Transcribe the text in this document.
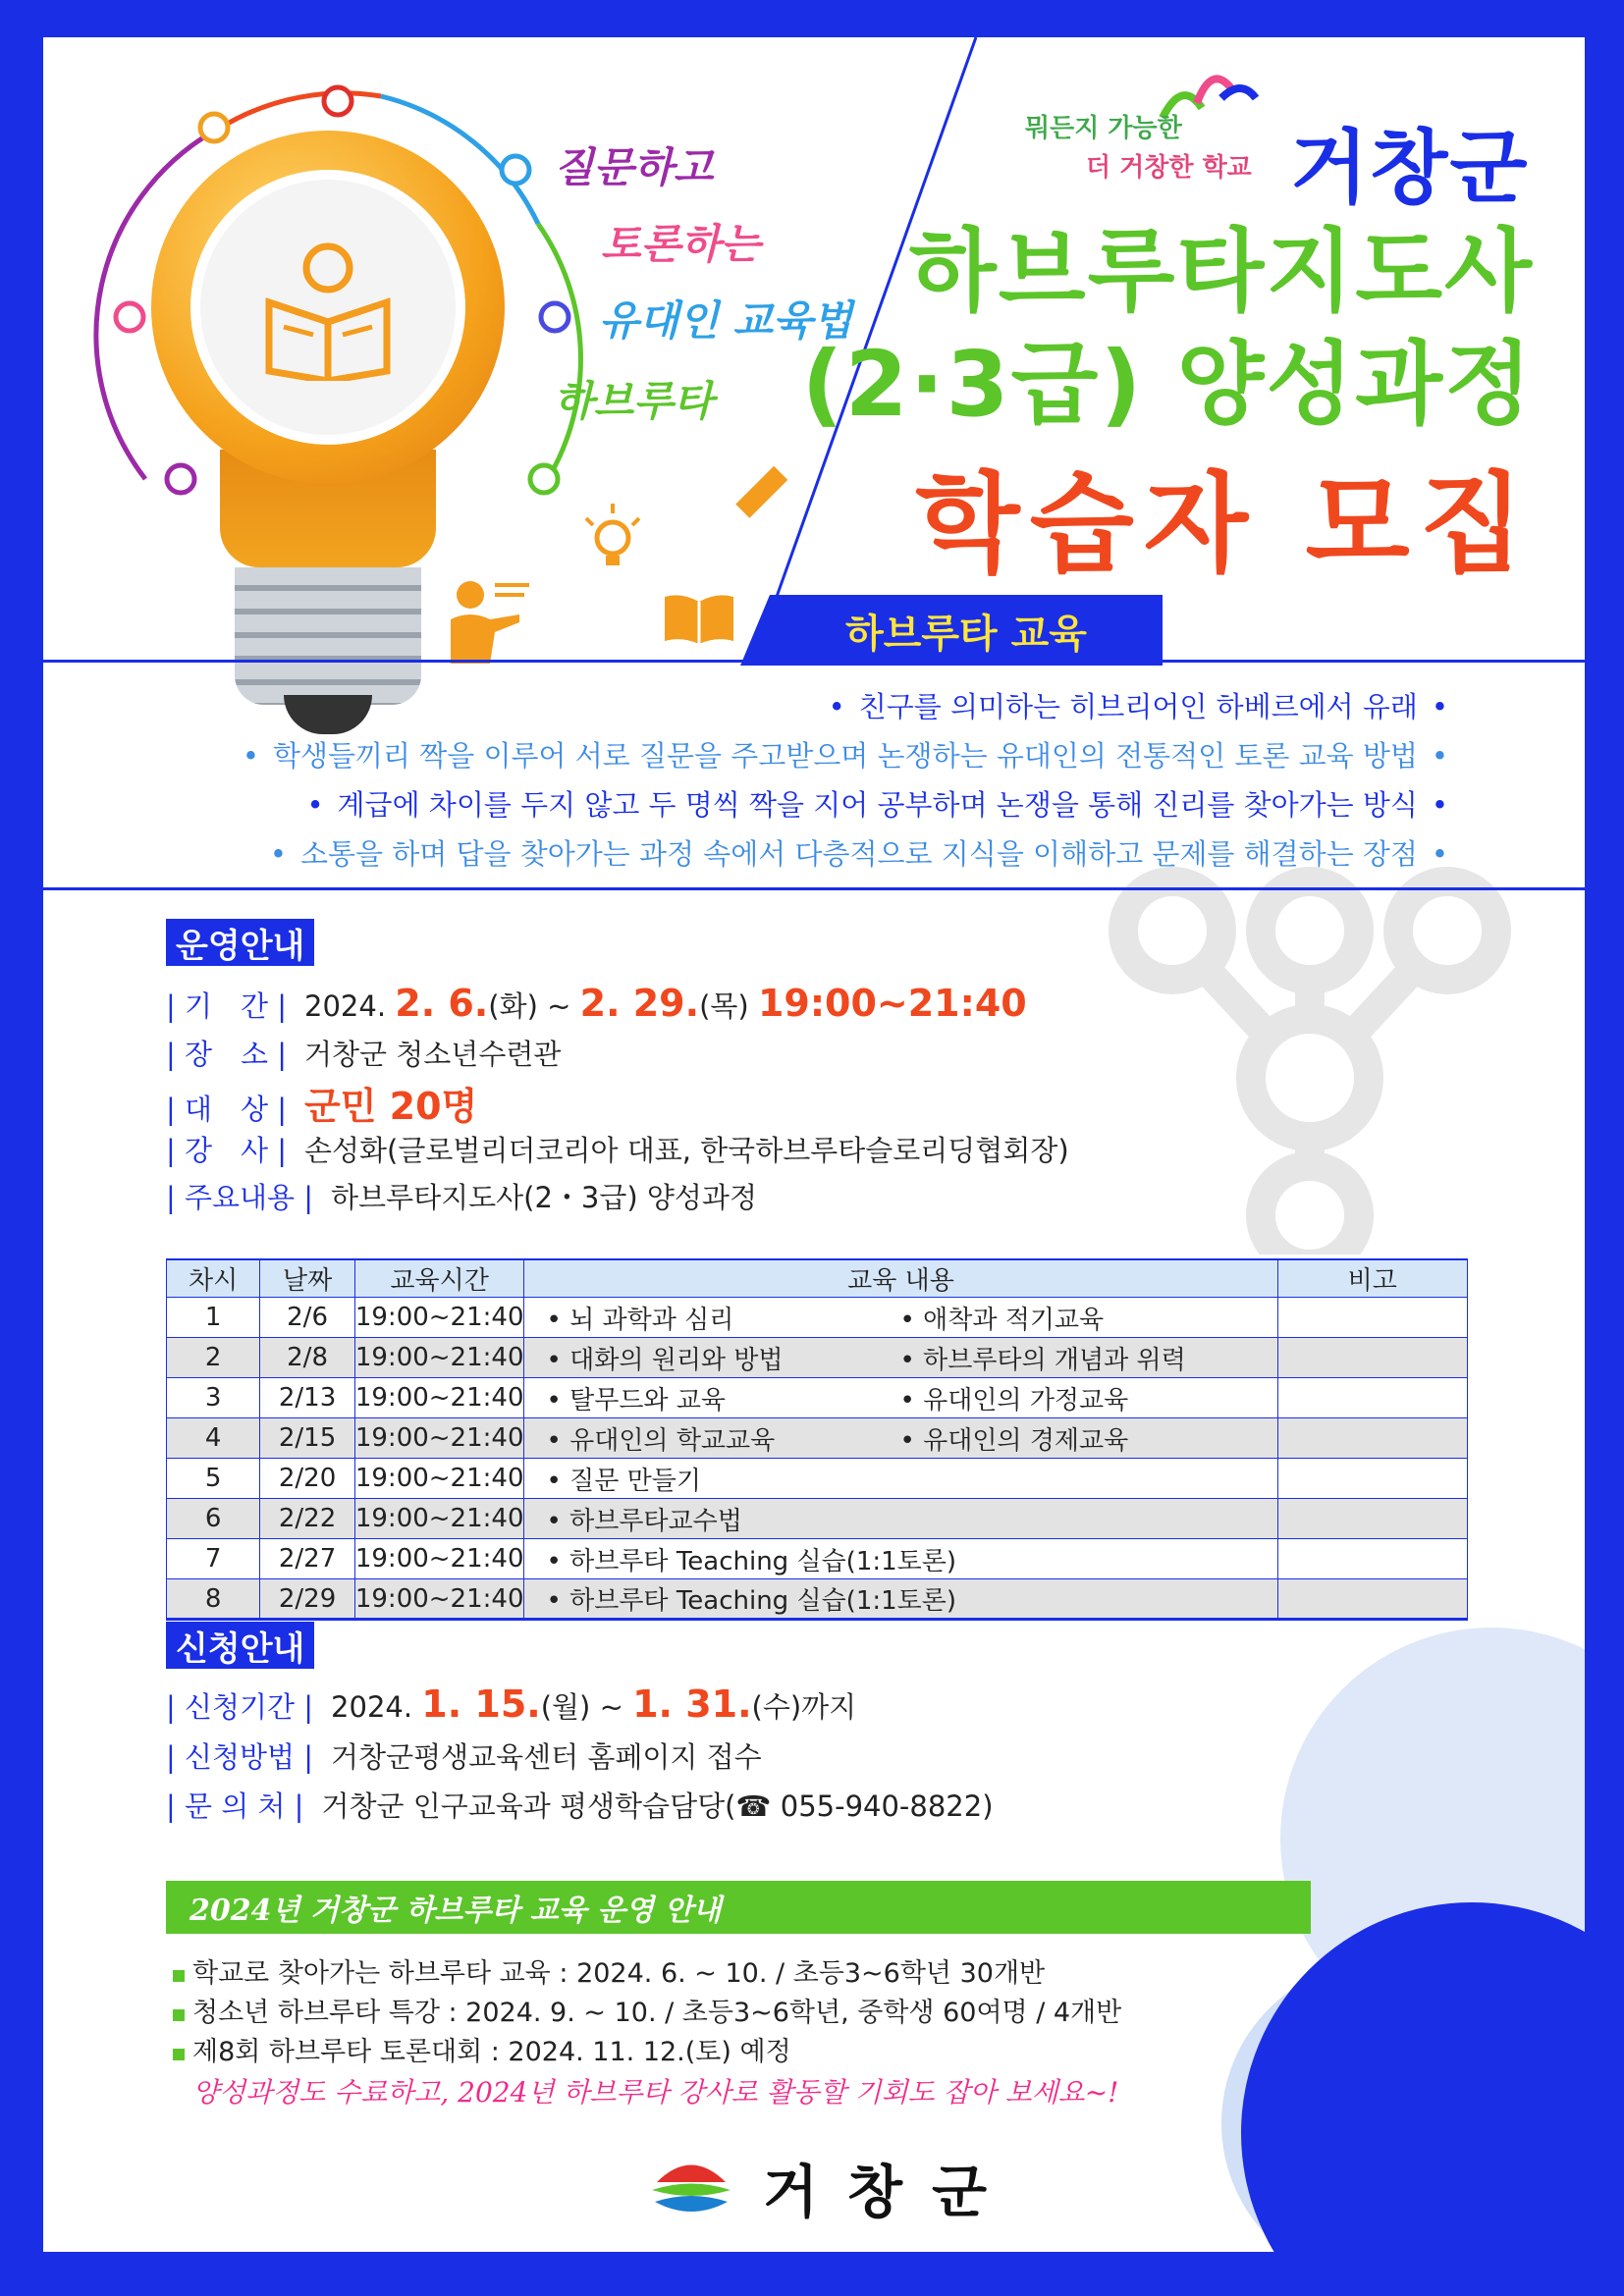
질문하고
토론하는
유대인 교육법
하브루타
뭐든지 가능한
더 거창한 학교 거창군
하브루타지도사
(2·3급) 양성과정
학습자 모집
하브루타 교육
• 친구를 의미하는 히브리어인 하베르에서 유래 •
• 학생들끼리 짝을 이루어 서로 질문을 주고받으며 논쟁하는 유대인의 전통적인 토론 교육 방법 •
• 계급에 차이를 두지 않고 두 명씩 짝을 지어 공부하며 논쟁을 통해 진리를 찾아가는 방식 •
• 소통을 하며 답을 찾아가는 과정 속에서 다층적으로 지식을 이해하고 문제를 해결하는 장점 •
운영안내
| 기　간 | 2024.
2. 6. (화) ~
2. 29. (목)
19:00~21:40
| 장　소 | 거창군 청소년수련관
| 대　상 | 군민 20명
| 강　사 | 손성화(글로벌리더코리아 대표, 한국하브루타슬로리딩협회장)
| 주요내용 | 하브루타지도사(2・3급) 양성과정
차시	날짜	교육시간	교육 내용	비고
1	2/6	19:00~21:40	• 뇌 과학과 심리 • 애착과 적기교육	
2	2/8	19:00~21:40	• 대화의 원리와 방법 • 하브루타의 개념과 위력	
3	2/13	19:00~21:40	• 탈무드와 교육 • 유대인의 가정교육	
4	2/15	19:00~21:40	• 유대인의 학교교육 • 유대인의 경제교육	
5	2/20	19:00~21:40	• 질문 만들기	
6	2/22	19:00~21:40	• 하브루타교수법	
7	2/27	19:00~21:40	• 하브루타 Teaching 실습(1:1토론)	
8	2/29	19:00~21:40	• 하브루타 Teaching 실습(1:1토론)	
신청안내
| 신청기간 | 2024.
1. 15. (월) ~
1. 31. (수)까지
| 신청방법 | 거창군평생교육센터 홈페이지 접수
| 문 의 처 | 거창군 인구교육과 평생학습담당(☎ 055-940-8822)
2024년 거창군 하브루타 교육 운영 안내
학교로 찾아가는 하브루타 교육 : 2024. 6. ~ 10. / 초등3~6학년 30개반
청소년 하브루타 특강 : 2024. 9. ~ 10. / 초등3~6학년, 중학생 60여명 / 4개반
제8회 하브루타 토론대회 : 2024. 11. 12.(토) 예정
양성과정도 수료하고, 2024년 하브루타 강사로 활동할 기회도 잡아 보세요~!
거창군
